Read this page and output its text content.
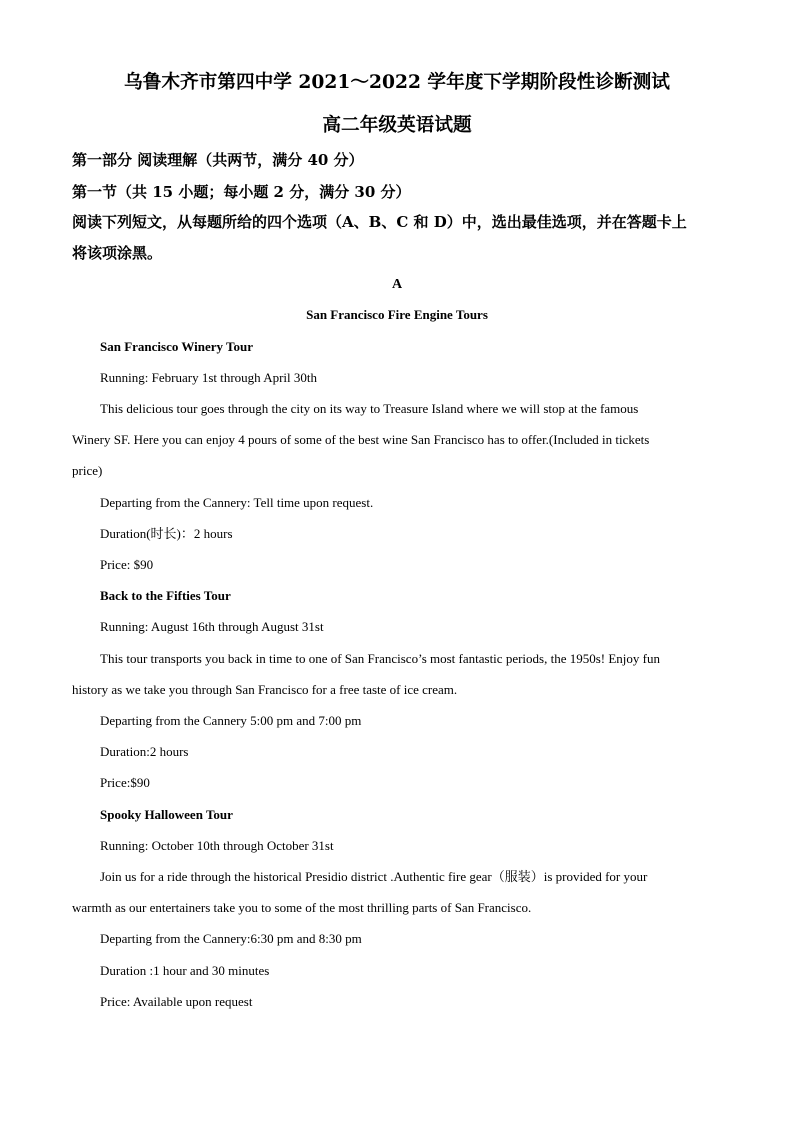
乌鲁木齐市第四中学 2021～2022 学年度下学期阶段性诊断测试
高二年级英语试题
第一部分 阅读理解（共两节，满分 40 分）
第一节（共 15 小题；每小题 2 分，满分 30 分）
阅读下列短文，从每题所给的四个选项（A、B、C 和 D）中，选出最佳选项，并在答题卡上
将该项涂黑。
A
San Francisco Fire Engine Tours
San Francisco Winery Tour
Running: February 1st through April 30th
This delicious tour goes through the city on its way to Treasure Island where we will stop at the famous
Winery SF. Here you can enjoy 4 pours of some of the best wine San Francisco has to offer.(Included in tickets
price)
Departing from the Cannery: Tell time upon request.
Duration(时长)：2 hours
Price: $90
Back to the Fifties Tour
Running: August 16th through August 31st
This tour transports you back in time to one of San Francisco’s most fantastic periods, the 1950s! Enjoy fun
history as we take you through San Francisco for a free taste of ice cream.
Departing from the Cannery 5:00 pm and 7:00 pm
Duration:2 hours
Price:$90
Spooky Halloween Tour
Running: October 10th through October 31st
Join us for a ride through the historical Presidio district .Authentic fire gear（服装）is provided for your
warmth as our entertainers take you to some of the most thrilling parts of San Francisco.
Departing from the Cannery:6:30 pm and 8:30 pm
Duration :1 hour and 30 minutes
Price: Available upon request
